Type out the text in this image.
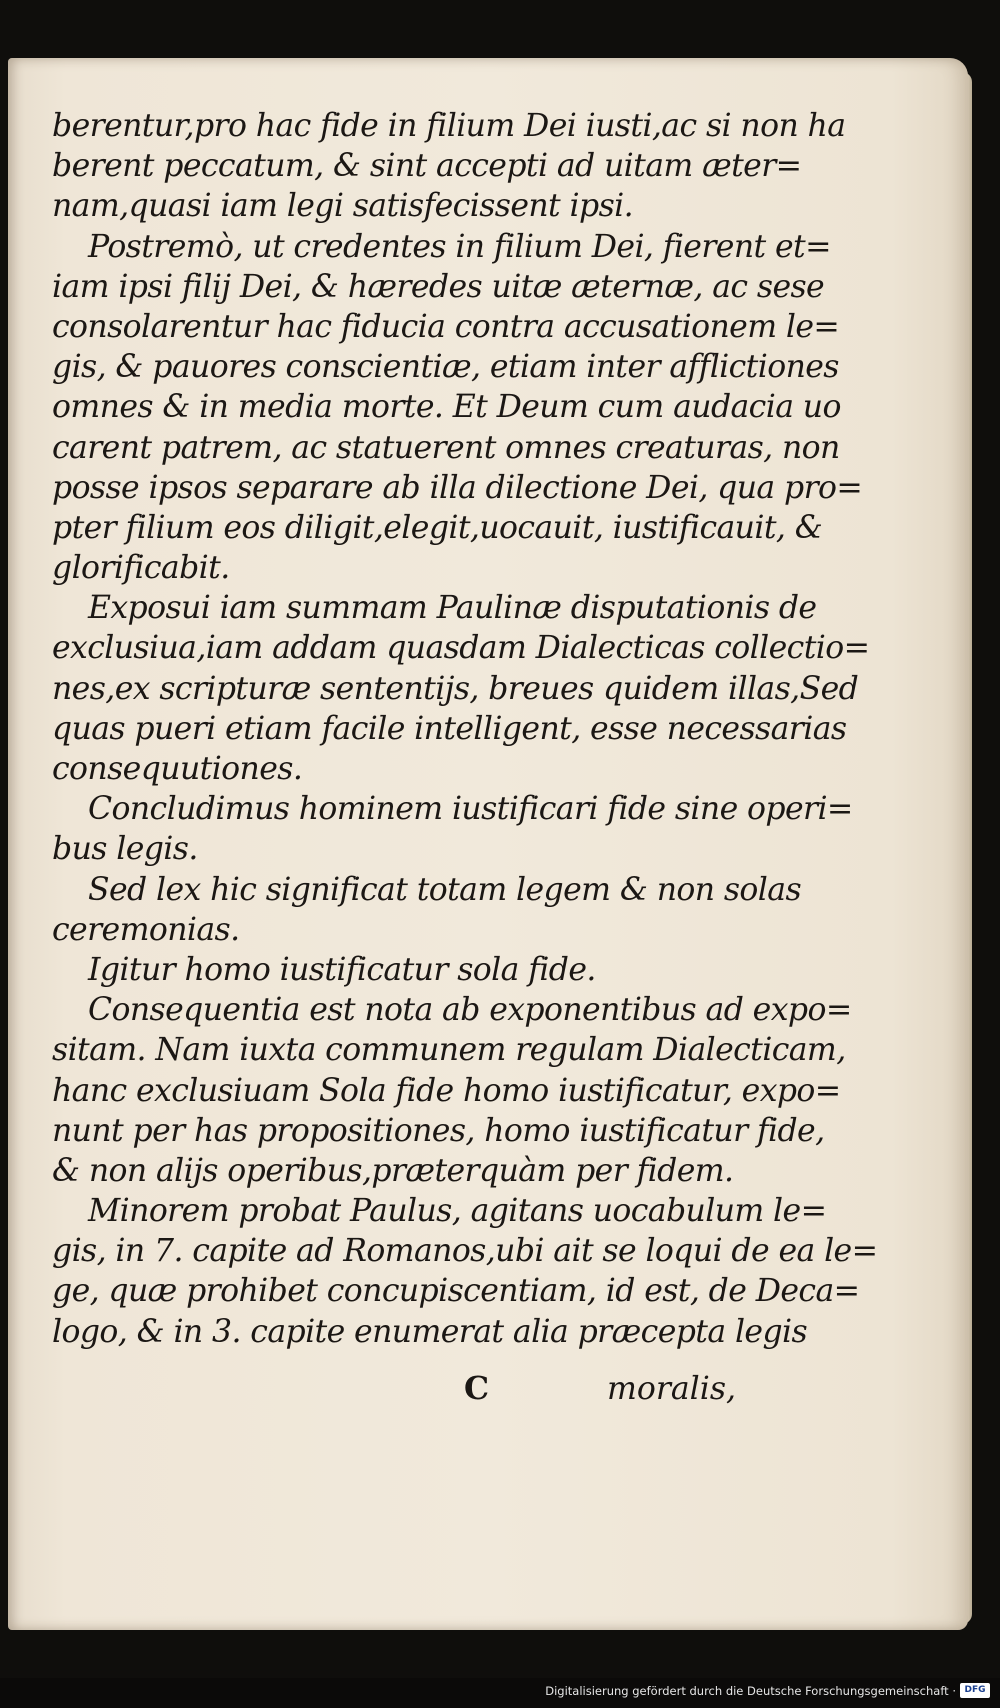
berentur,pro hac fide in filium Dei iusti,ac si non ha
berent peccatum, & sint accepti ad uitam æter=
nam,quasi iam legi satisfecissent ipsi.
Postremò, ut credentes in filium Dei, fierent et=
iam ipsi filij Dei, & hæredes uitæ æternæ, ac sese
consolarentur hac fiducia contra accusationem le=
gis, & pauores conscientiæ, etiam inter afflictiones
omnes & in media morte. Et Deum cum audacia uo
carent patrem, ac statuerent omnes creaturas, non
posse ipsos separare ab illa dilectione Dei, qua pro=
pter filium eos diligit,elegit,uocauit, iustificauit, &
glorificabit.
Exposui iam summam Paulinæ disputationis de
exclusiua,iam addam quasdam Dialecticas collectio=
nes,ex scripturæ sententijs, breues quidem illas,Sed
quas pueri etiam facile intelligent, esse necessarias
consequutiones.
Concludimus hominem iustificari fide sine operi=
bus legis.
Sed lex hic significat totam legem & non solas
ceremonias.
Igitur homo iustificatur sola fide.
Consequentia est nota ab exponentibus ad expo=
sitam. Nam iuxta communem regulam Dialecticam,
hanc exclusiuam Sola fide homo iustificatur, expo=
nunt per has propositiones, homo iustificatur fide,
& non alijs operibus,præterquàm per fidem.
Minorem probat Paulus, agitans uocabulum le=
gis, in 7. capite ad Romanos,ubi ait se loqui de ea le=
ge, quæ prohibet concupiscentiam, id est, de Deca=
logo, & in 3. capite enumerat alia præcepta legis
C	moralis,
Digitalisierung gefördert durch die Deutsche Forschungsgemeinschaft · DFG
